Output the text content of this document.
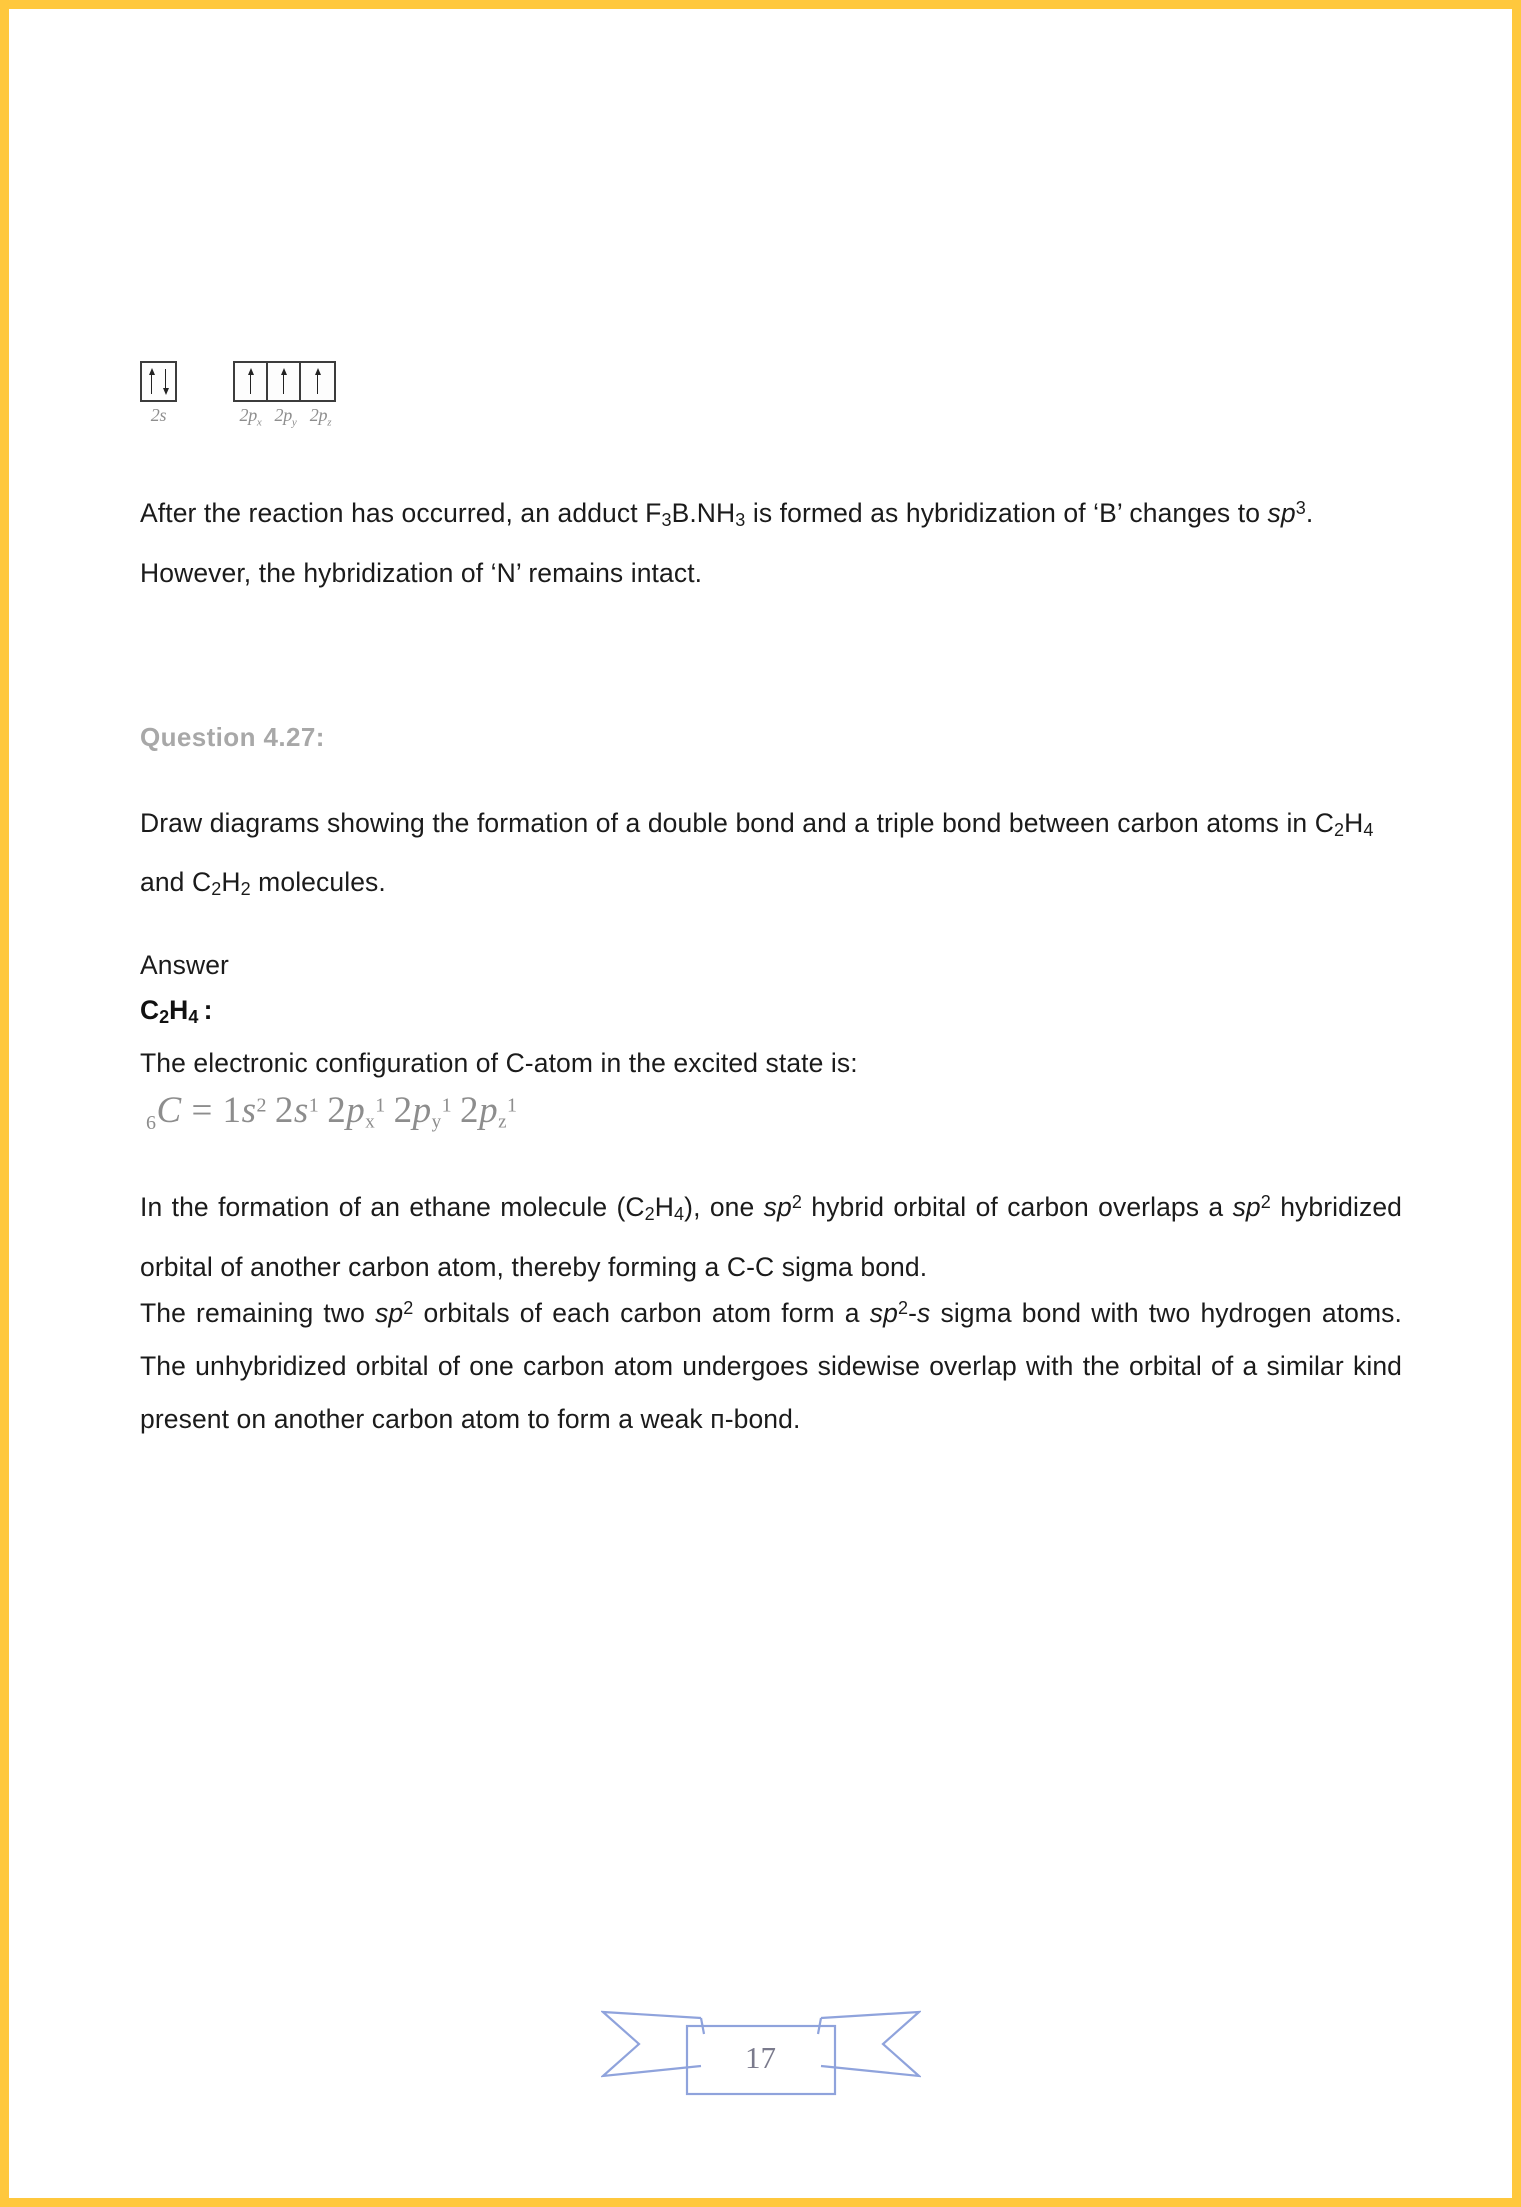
2s	$2p_x$ $2p_y$ $2p_z$

After the reaction has occurred, an adduct $F_3B.NH_3$ is formed as hybridization of ‘B’ changes to $sp^3$. However, the hybridization of ‘N’ remains intact.

Question 4.27:

Draw diagrams showing the formation of a double bond and a triple bond between carbon atoms in $C_2H_4$ and $C_2H_2$ molecules.

Answer
$C_2H_4$ :
The electronic configuration of C-atom in the excited state is:
$6C = 1s^2$ $2s^1$ $2p_x^1$ $2p_y^1$ $2p_z^1$

In the formation of an ethane molecule $(C_2H_4)$, one $sp^2$ hybrid orbital of carbon overlaps a $sp^2$ hybridized orbital of another carbon atom, thereby forming a C-C sigma bond.

The remaining two $sp^2$ orbitals of each carbon atom form a $sp^2-s$ sigma bond with two hydrogen atoms. The unhybridized orbital of one carbon atom undergoes sidewise overlap with the orbital of a similar kind present on another carbon atom to form a weak п-bond.

17
